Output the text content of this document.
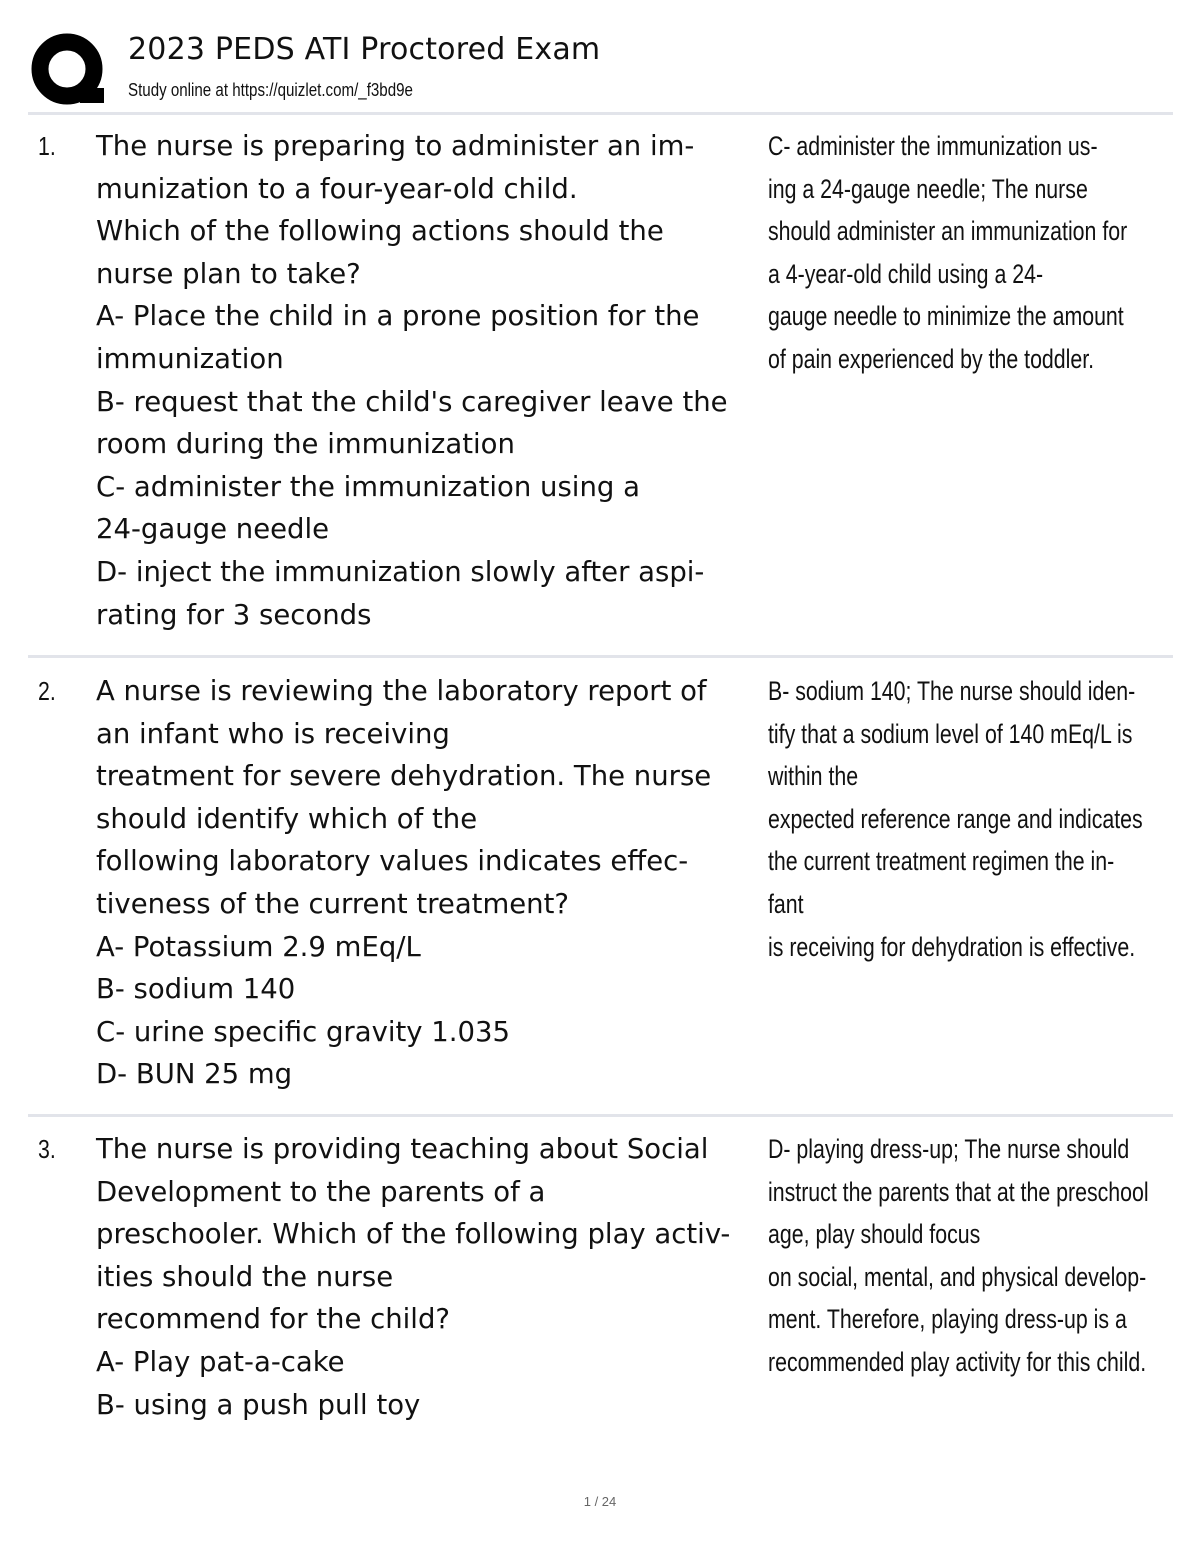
2023 PEDS ATI Proctored Exam
Study online at https://quizlet.com/_f3bd9e
1. The nurse is preparing to administer an im-
munization to a four-year-old child.
Which of the following actions should the
nurse plan to take?
A- Place the child in a prone position for the
immunization
B- request that the child's caregiver leave the
room during the immunization
C- administer the immunization using a
24-gauge needle
D- inject the immunization slowly after aspi-
rating for 3 seconds
C- administer the immunization us-
ing a 24-gauge needle; The nurse
should administer an immunization for
a 4-year-old child using a 24-
gauge needle to minimize the amount
of pain experienced by the toddler.
2. A nurse is reviewing the laboratory report of
an infant who is receiving
treatment for severe dehydration. The nurse
should identify which of the
following laboratory values indicates effec-
tiveness of the current treatment?
A- Potassium 2.9 mEq/L
B- sodium 140
C- urine specific gravity 1.035
D- BUN 25 mg
B- sodium 140; The nurse should iden-
tify that a sodium level of 140 mEq/L is
within the
expected reference range and indicates
the current treatment regimen the in-
fant
is receiving for dehydration is effective.
3. The nurse is providing teaching about Social
Development to the parents of a
preschooler. Which of the following play activ-
ities should the nurse
recommend for the child?
A- Play pat-a-cake
B- using a push pull toy
D- playing dress-up; The nurse should
instruct the parents that at the preschool
age, play should focus
on social, mental, and physical develop-
ment. Therefore, playing dress-up is a
recommended play activity for this child.
1 / 24
